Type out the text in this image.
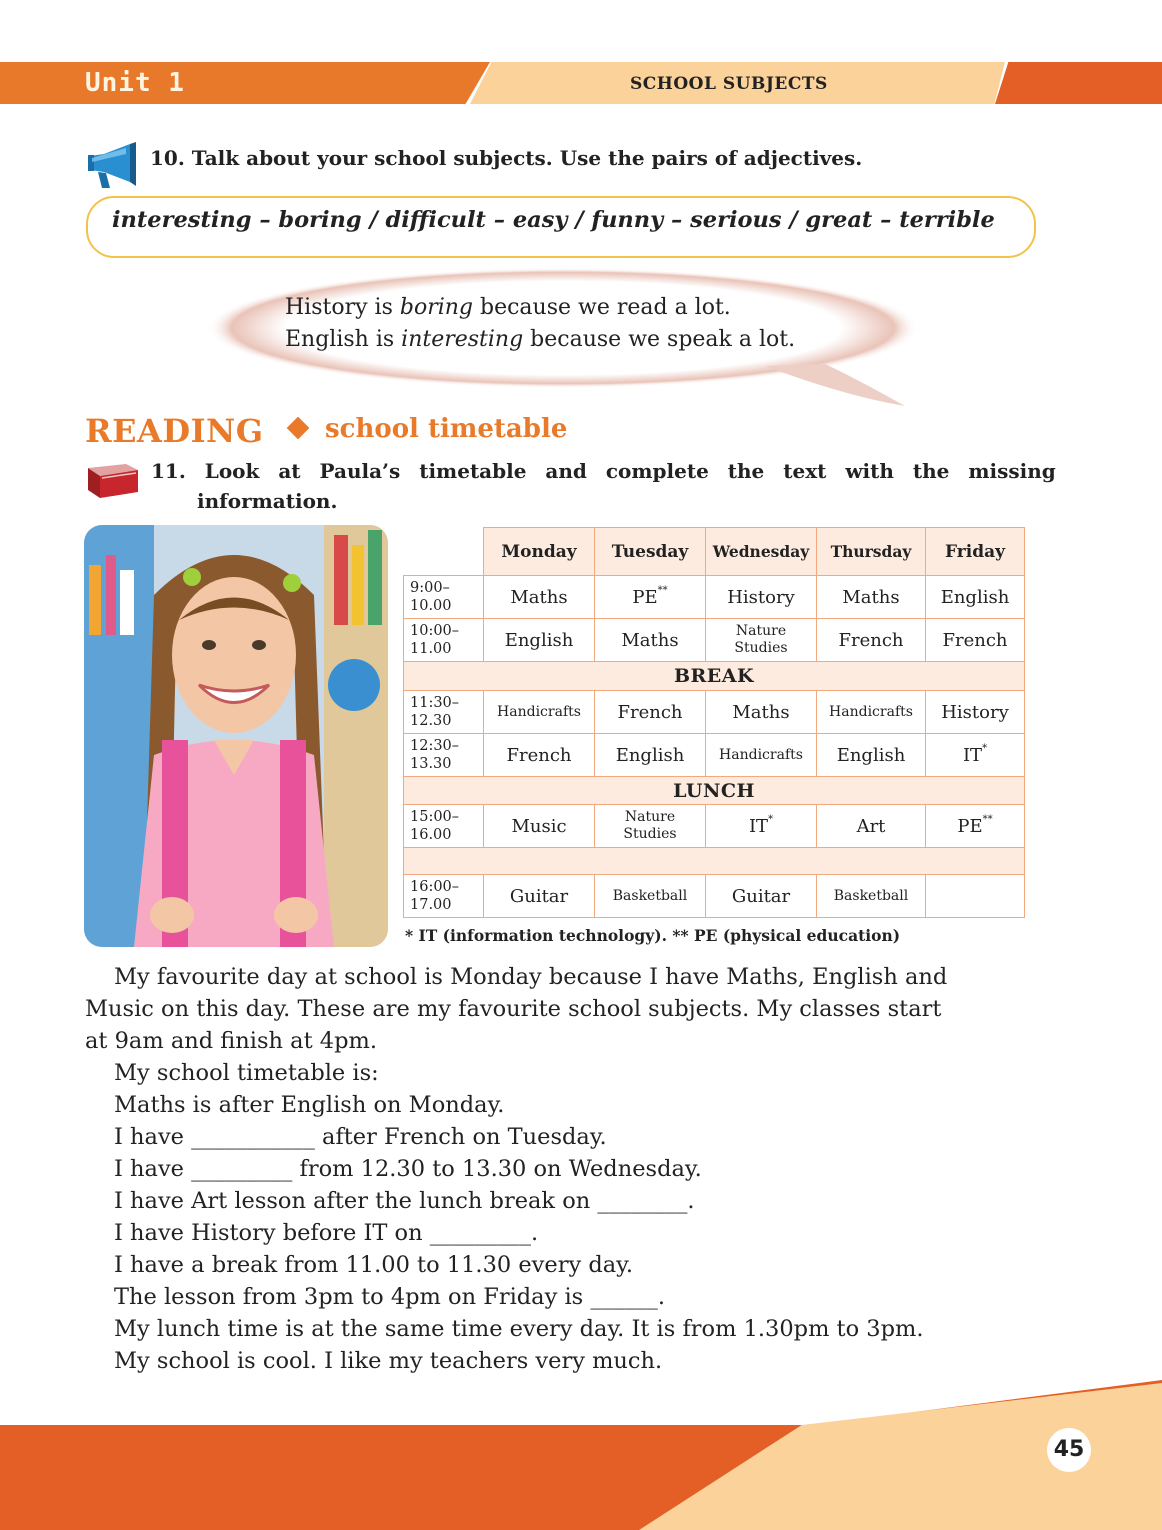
Unit 1	SCHOOL SUBJECTS
10. Talk about your school subjects. Use the pairs of adjectives.
interesting – boring / difficult – easy / funny – serious / great – terrible
History is boring because we read a lot.
English is interesting because we speak a lot.
READING school timetable
11. Look at Paula’s timetable and complete the text with the missing
information.
	Monday	Tuesday	Wednesday	Thursday	Friday
9:00–
10.00	Maths	PE**	History	Maths	English
10:00–
11.00	English	Maths	Nature Studies	French	French
BREAK					
11:30–
12.30	Handicrafts	French	Maths	Handicrafts	History
12:30–
13.30	French	English	Handicrafts	English	IT*
LUNCH					
15:00–
16.00	Music	Nature Studies	IT*	Art	PE**

16:00–
17.00	Guitar	Basketball	Guitar	Basketball	
* IT (information technology). ** PE (physical education)
My favourite day at school is Monday because I have Maths, English and
Music on this day. These are my favourite school subjects. My classes start
at 9am and finish at 4pm.
My school timetable is:
Maths is after English on Monday.
I have ___________ after French on Tuesday.
I have _________ from 12.30 to 13.30 on Wednesday.
I have Art lesson after the lunch break on ________.
I have History before IT on _________.
I have a break from 11.00 to 11.30 every day.
The lesson from 3pm to 4pm on Friday is ______.
My lunch time is at the same time every day. It is from 1.30pm to 3pm.
My school is cool. I like my teachers very much.
45
